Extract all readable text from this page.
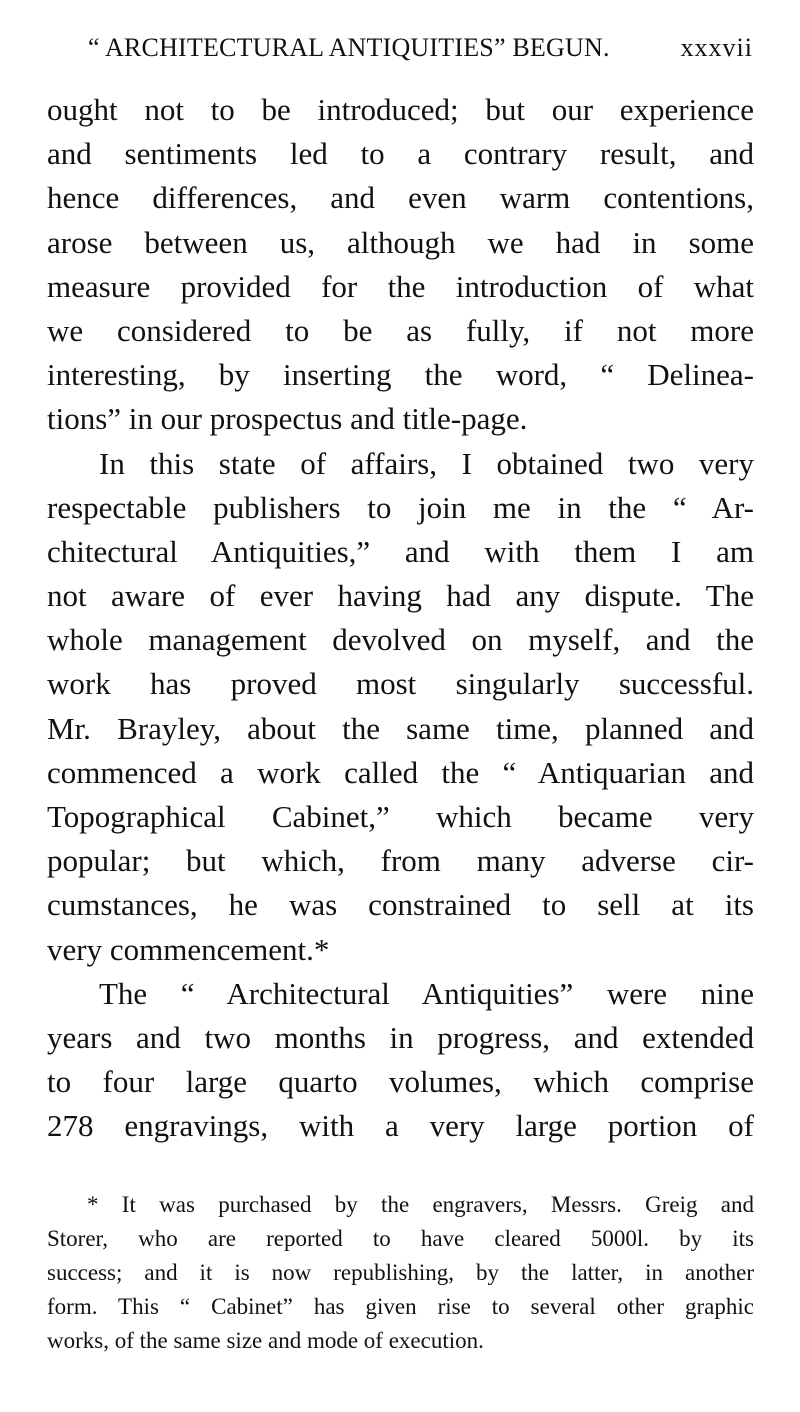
“ ARCHITECTURAL ANTIQUITIES” BEGUN.	xxxvii
ought not to be introduced; but our experience
and sentiments led to a contrary result, and
hence differences, and even warm contentions,
arose between us, although we had in some
measure provided for the introduction of what
we considered to be as fully, if not more
interesting, by inserting the word, “ Delinea-
tions” in our prospectus and title-page.
In this state of affairs, I obtained two very
respectable publishers to join me in the “ Ar-
chitectural Antiquities,” and with them I am
not aware of ever having had any dispute. The
whole management devolved on myself, and the
work has proved most singularly successful.
Mr. Brayley, about the same time, planned and
commenced a work called the “ Antiquarian and
Topographical Cabinet,” which became very
popular; but which, from many adverse cir-
cumstances, he was constrained to sell at its
very commencement.*
The “ Architectural Antiquities” were nine
years and two months in progress, and extended
to four large quarto volumes, which comprise
278 engravings, with a very large portion of
* It was purchased by the engravers, Messrs. Greig and
Storer, who are reported to have cleared 5000l. by its
success; and it is now republishing, by the latter, in another
form. This “ Cabinet” has given rise to several other graphic
works, of the same size and mode of execution.
